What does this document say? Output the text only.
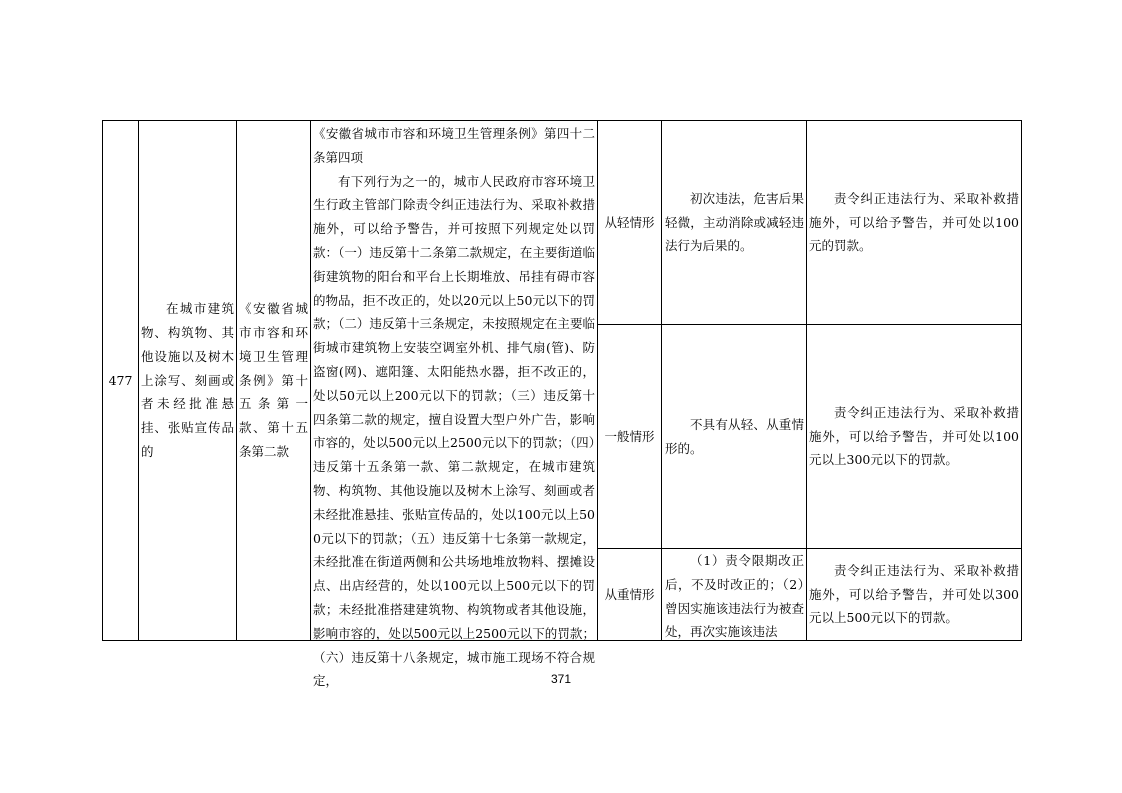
477
在城市建筑物、构筑物、其他设施以及树木上涂写、刻画或者未经批准悬挂、张贴宣传品的
《安徽省城市市容和环境卫生管理条例》第十五条第一款、第十五条第二款
《安徽省城市市容和环境卫生管理条例》第四十二条第四项
有下列行为之一的，城市人民政府市容环境卫生行政主管部门除责令纠正违法行为、采取补救措施外，可以给予警告，并可按照下列规定处以罚款：（一）违反第十二条第二款规定，在主要街道临街建筑物的阳台和平台上长期堆放、吊挂有碍市容的物品，拒不改正的，处以20元以上50元以下的罚款；（二）违反第十三条规定，未按照规定在主要临街城市建筑物上安装空调室外机、排气扇(管)、防盗窗(网)、遮阳篷、太阳能热水器，拒不改正的，处以50元以上200元以下的罚款；（三）违反第十四条第二款的规定，擅自设置大型户外广告，影响市容的，处以500元以上2500元以下的罚款；（四）违反第十五条第一款、第二款规定，在城市建筑物、构筑物、其他设施以及树木上涂写、刻画或者未经批准悬挂、张贴宣传品的，处以100元以上500元以下的罚款；（五）违反第十七条第一款规定，未经批准在街道两侧和公共场地堆放物料、摆摊设点、出店经营的，处以100元以上500元以下的罚款；未经批准搭建建筑物、构筑物或者其他设施，影响市容的，处以500元以上2500元以下的罚款；（六）违反第十八条规定，城市施工现场不符合规定，
从轻情形
初次违法，危害后果轻微，主动消除或减轻违法行为后果的。
责令纠正违法行为、采取补救措施外，可以给予警告，并可处以100元的罚款。
一般情形
不具有从轻、从重情形的。
责令纠正违法行为、采取补救措施外，可以给予警告，并可处以100元以上300元以下的罚款。
从重情形
（1）责令限期改正后，不及时改正的；（2）曾因实施该违法行为被查处，再次实施该违法
责令纠正违法行为、采取补救措施外，可以给予警告，并可处以300元以上500元以下的罚款。
371
